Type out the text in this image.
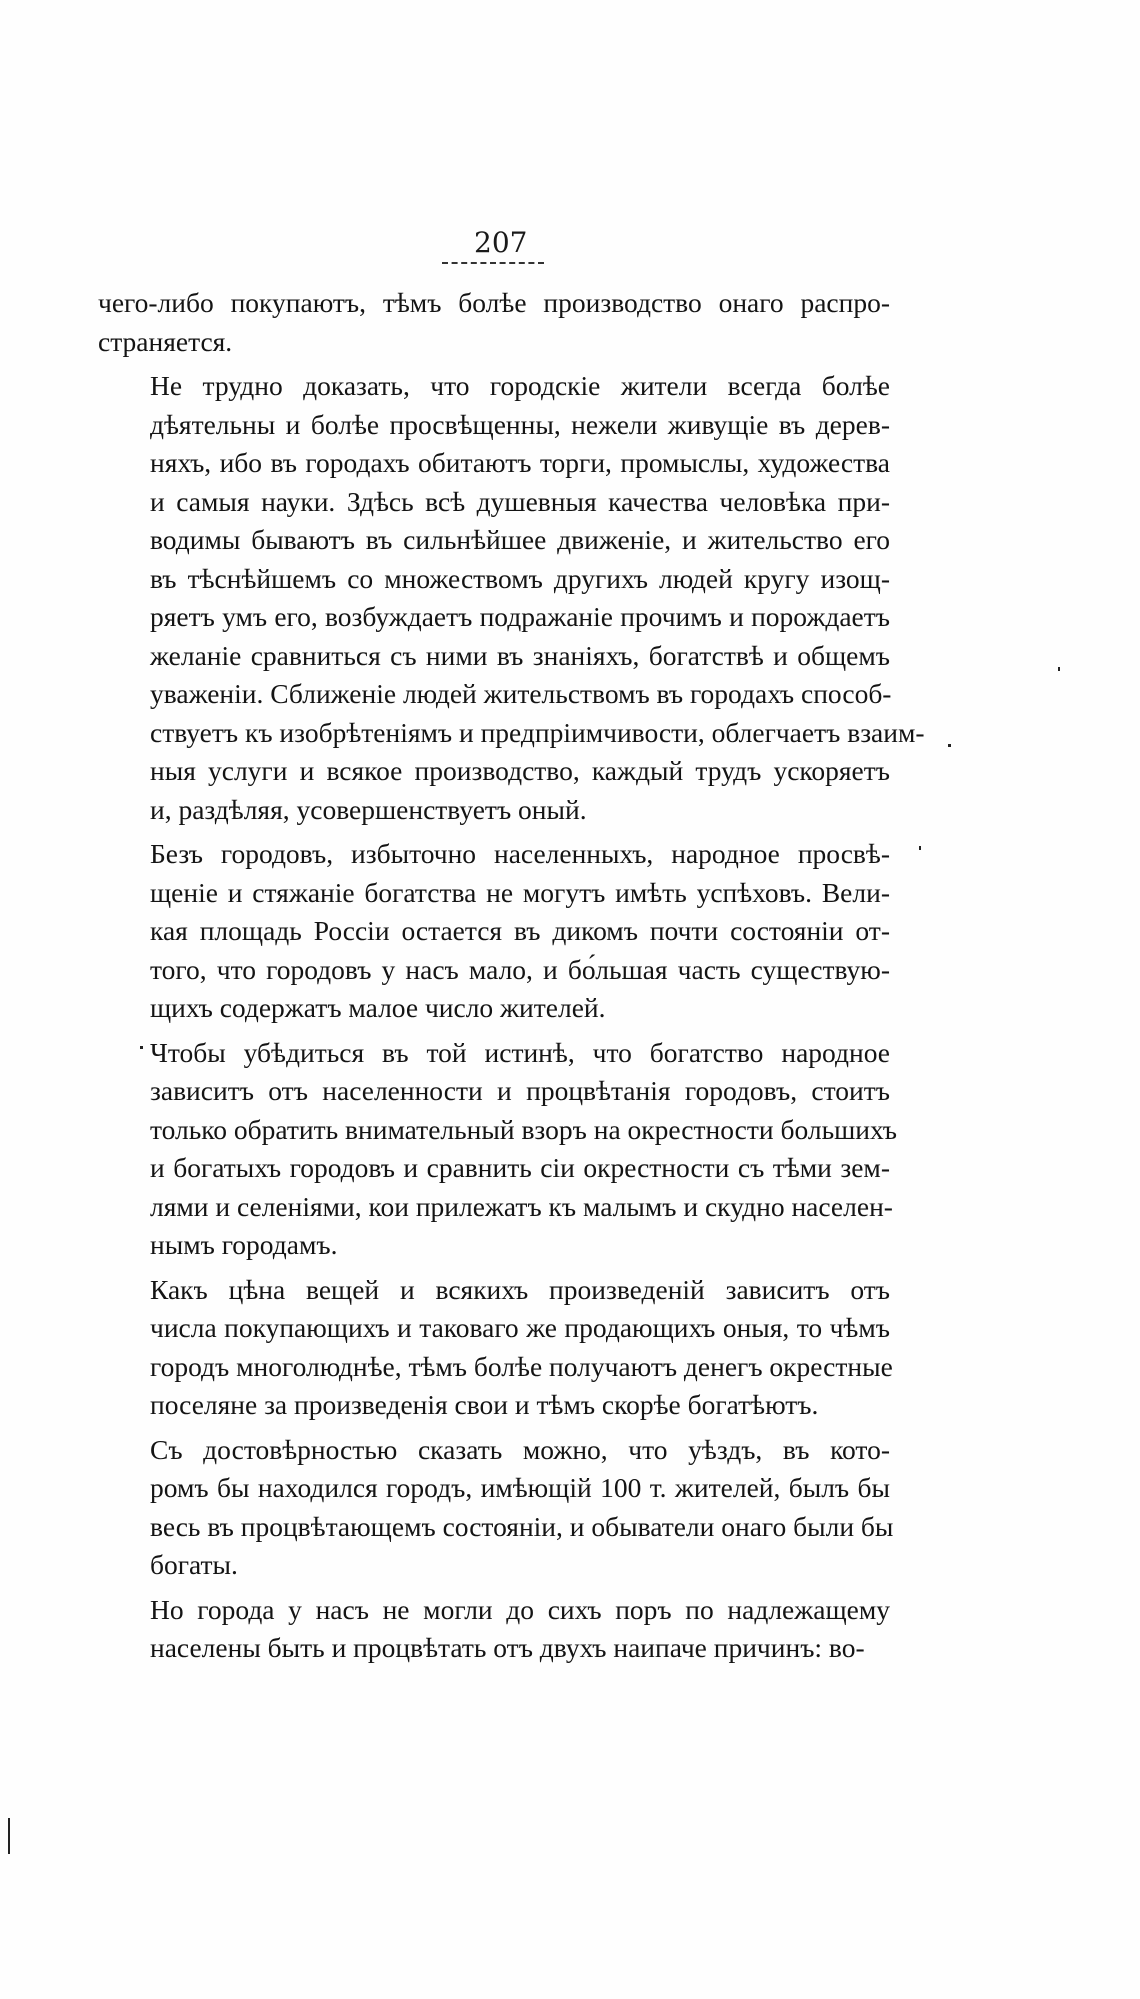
207
чего-либо покупаютъ, тѣмъ болѣе производство онаго распро-
страняется.
Не трудно доказать, что городскіе жители всегда болѣе
дѣятельны и болѣе просвѣщенны, нежели живущіе въ дерев-
няхъ, ибо въ городахъ обитаютъ торги, промыслы, художества
и самыя науки. Здѣсь всѣ душевныя качества человѣка при-
водимы бываютъ въ сильнѣйшее движеніе, и жительство его
въ тѣснѣйшемъ со множествомъ другихъ людей кругу изощ-
ряетъ умъ его, возбуждаетъ подражаніе прочимъ и порождаетъ
желаніе сравниться съ ними въ знаніяхъ, богатствѣ и общемъ
уваженіи. Сближеніе людей жительствомъ въ городахъ способ-
ствуетъ къ изобрѣтеніямъ и предпріимчивости, облегчаетъ взаим-
ныя услуги и всякое производство, каждый трудъ ускоряетъ
и, раздѣляя, усовершенствуетъ оный.
Безъ городовъ, избыточно населенныхъ, народное просвѣ-
щеніе и стяжаніе богатства не могутъ имѣть успѣховъ. Вели-
кая площадь Россіи остается въ дикомъ почти состояніи от-
того, что городовъ у насъ мало, и бо́льшая часть существую-
щихъ содержатъ малое число жителей.
Чтобы убѣдиться въ той истинѣ, что богатство народное
зависитъ отъ населенности и процвѣтанія городовъ, стоитъ
только обратить внимательный взоръ на окрестности большихъ
и богатыхъ городовъ и сравнить сіи окрестности съ тѣми зем-
лями и селеніями, кои прилежатъ къ малымъ и скудно населен-
нымъ городамъ.
Какъ цѣна вещей и всякихъ произведеній зависитъ отъ
числа покупающихъ и таковаго же продающихъ оныя, то чѣмъ
городъ многолюднѣе, тѣмъ болѣе получаютъ денегъ окрестные
поселяне за произведенія свои и тѣмъ скорѣе богатѣютъ.
Съ достовѣрностью сказать можно, что уѣздъ, въ кото-
ромъ бы находился городъ, имѣющій 100 т. жителей, былъ бы
весь въ процвѣтающемъ состояніи, и обыватели онаго были бы
богаты.
Но города у насъ не могли до сихъ поръ по надлежащему
населены быть и процвѣтать отъ двухъ наипаче причинъ: во-
